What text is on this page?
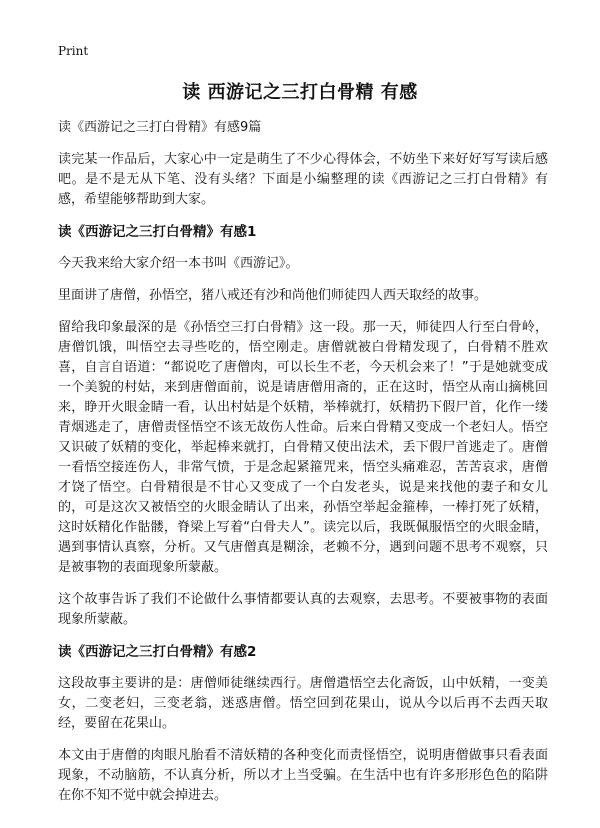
Print
读 西游记之三打白骨精 有感

读《西游记之三打白骨精》有感9篇

读完某一作品后，大家心中一定是萌生了不少心得体会，不妨坐下来好好写写读后感吧。是不是无从下笔、没有头绪？下面是小编整理的读《西游记之三打白骨精》有感，希望能够帮助到大家。

读《西游记之三打白骨精》有感1

今天我来给大家介绍一本书叫《西游记》。

里面讲了唐僧，孙悟空，猪八戒还有沙和尚他们师徒四人西天取经的故事。

留给我印象最深的是《孙悟空三打白骨精》这一段。那一天，师徒四人行至白骨岭，唐僧饥饿，叫悟空去寻些吃的，悟空刚走。唐僧就被白骨精发现了，白骨精不胜欢喜，自言自语道：“都说吃了唐僧肉，可以长生不老，今天机会来了！”于是她就变成一个美貌的村姑，来到唐僧面前，说是请唐僧用斋的，正在这时，悟空从南山摘桃回来，睁开火眼金睛一看，认出村姑是个妖精，举棒就打，妖精扔下假尸首，化作一缕青烟逃走了，唐僧责怪悟空不该无故伤人性命。后来白骨精又变成一个老妇人。悟空又识破了妖精的变化，举起棒来就打，白骨精又使出法术，丢下假尸首逃走了。唐僧一看悟空接连伤人，非常气愤，于是念起紧箍咒来，悟空头痛难忍，苦苦哀求，唐僧才饶了悟空。白骨精很是不甘心又变成了一个白发老头，说是来找他的妻子和女儿的，可是这次又被悟空的火眼金睛认了出来，孙悟空举起金箍棒，一棒打死了妖精，这时妖精化作骷髅，脊梁上写着“白骨夫人”。读完以后，我既佩服悟空的火眼金睛，遇到事情认真察，分析。又气唐僧真是糊涂，老赖不分，遇到问题不思考不观察，只是被事物的表面现象所蒙蔽。

这个故事告诉了我们不论做什么事情都要认真的去观察，去思考。不要被事物的表面现象所蒙蔽。

读《西游记之三打白骨精》有感2

这段故事主要讲的是：唐僧师徒继续西行。唐僧遣悟空去化斋饭，山中妖精，一变美女，二变老妇，三变老翁，迷惑唐僧。悟空回到花果山，说从今以后再不去西天取经，要留在花果山。

本文由于唐僧的肉眼凡胎看不清妖精的各种变化而责怪悟空，说明唐僧做事只看表面现象，不动脑筋，不认真分析，所以才上当受骗。在生活中也有许多形形色色的陷阱在你不知不觉中就会掉进去。
